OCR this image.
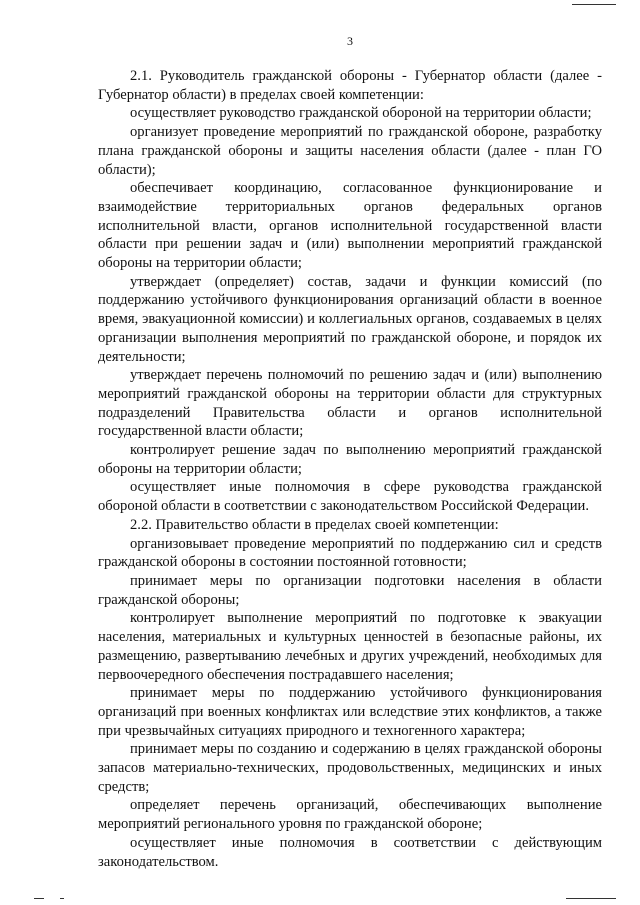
3

2.1. Руководитель гражданской обороны - Губернатор области (далее - Губернатор области) в пределах своей компетенции:

осуществляет руководство гражданской обороной на территории области;

организует проведение мероприятий по гражданской обороне, разработку плана гражданской обороны и защиты населения области (далее - план ГО области);

обеспечивает координацию, согласованное функционирование и взаимодействие территориальных органов федеральных органов исполнительной власти, органов исполнительной государственной власти области при решении задач и (или) выполнении мероприятий гражданской обороны на территории области;

утверждает (определяет) состав, задачи и функции комиссий (по поддержанию устойчивого функционирования организаций области в военное время, эвакуационной комиссии) и коллегиальных органов, создаваемых в целях организации выполнения мероприятий по гражданской обороне, и порядок их деятельности;

утверждает перечень полномочий по решению задач и (или) выполнению мероприятий гражданской обороны на территории области для структурных подразделений Правительства области и органов исполнительной государственной власти области;

контролирует решение задач по выполнению мероприятий гражданской обороны на территории области;

осуществляет иные полномочия в сфере руководства гражданской обороной области в соответствии с законодательством Российской Федерации.

2.2. Правительство области в пределах своей компетенции:

организовывает проведение мероприятий по поддержанию сил и средств гражданской обороны в состоянии постоянной готовности;

принимает меры по организации подготовки населения в области гражданской обороны;

контролирует выполнение мероприятий по подготовке к эвакуации населения, материальных и культурных ценностей в безопасные районы, их размещению, развертыванию лечебных и других учреждений, необходимых для первоочередного обеспечения пострадавшего населения;

принимает меры по поддержанию устойчивого функционирования организаций при военных конфликтах или вследствие этих конфликтов, а также при чрезвычайных ситуациях природного и техногенного характера;

принимает меры по созданию и содержанию в целях гражданской обороны запасов материально-технических, продовольственных, медицинских и иных средств;

определяет перечень организаций, обеспечивающих выполнение мероприятий регионального уровня по гражданской обороне;

осуществляет иные полномочия в соответствии с действующим законодательством.
